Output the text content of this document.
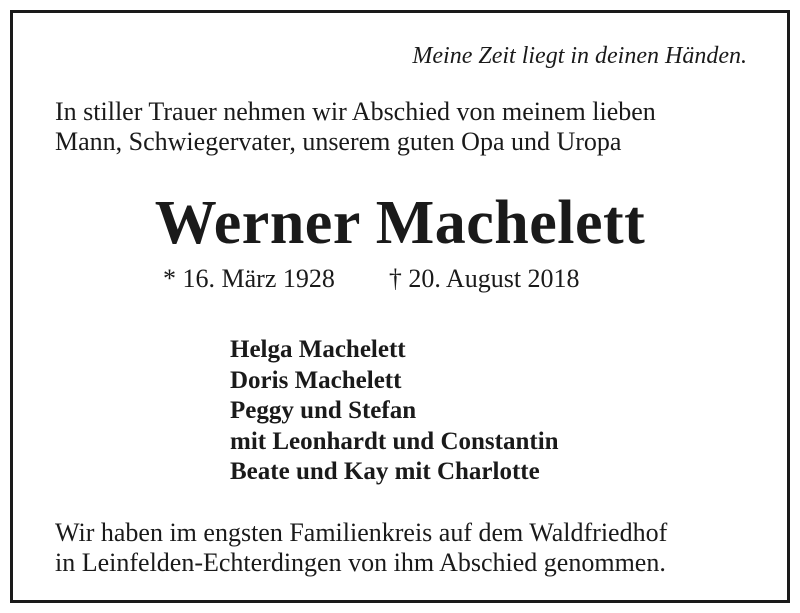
Meine Zeit liegt in deinen Händen.
In stiller Trauer nehmen wir Abschied von meinem lieben
Mann, Schwiegervater, unserem guten Opa und Uropa
Werner Machelett
* 16. März 1928 † 20. August 2018
Helga Machelett
Doris Machelett
Peggy und Stefan
mit Leonhardt und Constantin
Beate und Kay mit Charlotte
Wir haben im engsten Familienkreis auf dem Waldfriedhof
in Leinfelden-Echterdingen von ihm Abschied genommen.
